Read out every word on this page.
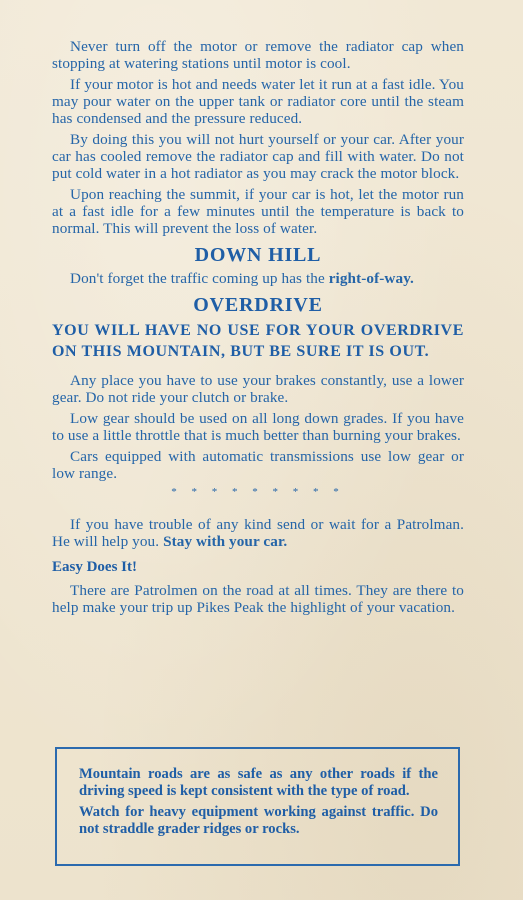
Never turn off the motor or remove the radiator cap when stopping at watering stations until motor is cool.

If your motor is hot and needs water let it run at a fast idle. You may pour water on the upper tank or radiator core until the steam has condensed and the pressure reduced.

By doing this you will not hurt yourself or your car. After your car has cooled remove the radiator cap and fill with water. Do not put cold water in a hot radiator as you may crack the motor block.

Upon reaching the summit, if your car is hot, let the motor run at a fast idle for a few minutes until the temperature is back to normal. This will prevent the loss of water.

DOWN HILL

Don't forget the traffic coming up has the right-of-way.

OVERDRIVE
YOU WILL HAVE NO USE FOR YOUR OVERDRIVE ON THIS MOUNTAIN, BUT BE SURE IT IS OUT.

Any place you have to use your brakes constantly, use a lower gear. Do not ride your clutch or brake.

Low gear should be used on all long down grades. If you have to use a little throttle that is much better than burning your brakes.

Cars equipped with automatic transmissions use low gear or low range.

* * * * * * * * *

If you have trouble of any kind send or wait for a Patrolman. He will help you. Stay with your car.

Easy Does It!

There are Patrolmen on the road at all times. They are there to help make your trip up Pikes Peak the highlight of your vacation.

Mountain roads are as safe as any other roads if the driving speed is kept consistent with the type of road.

Watch for heavy equipment working against traffic. Do not straddle grader ridges or rocks.
